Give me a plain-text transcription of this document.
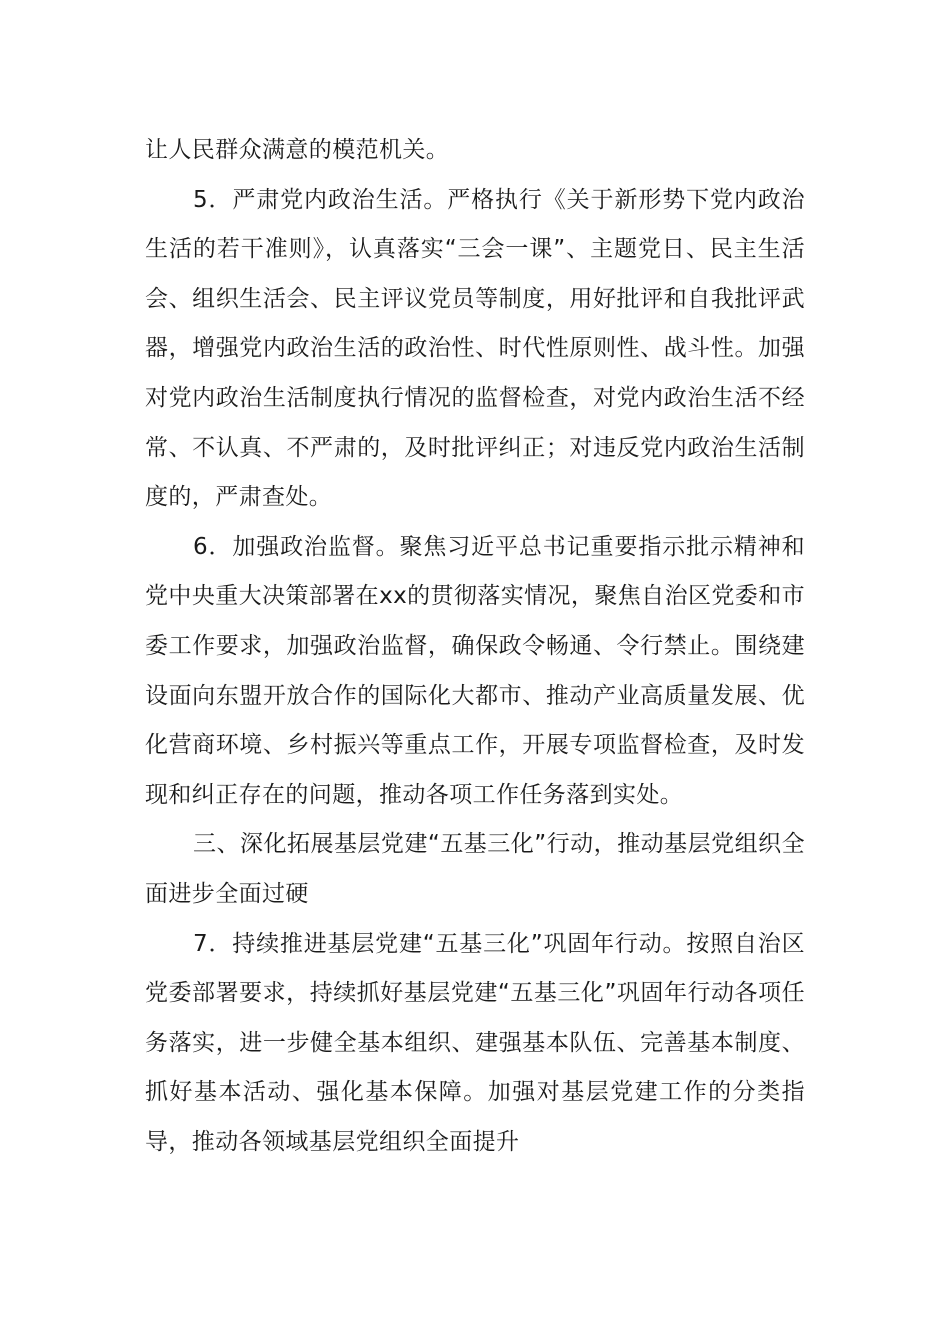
让人民群众满意的模范机关。

5．严肃党内政治生活。严格执行《关于新形势下党内政治生活的若干准则》，认真落实“三会一课”、主题党日、民主生活会、组织生活会、民主评议党员等制度，用好批评和自我批评武器，增强党内政治生活的政治性、时代性原则性、战斗性。加强对党内政治生活制度执行情况的监督检查，对党内政治生活不经常、不认真、不严肃的，及时批评纠正；对违反党内政治生活制度的，严肃查处。

6．加强政治监督。聚焦习近平总书记重要指示批示精神和党中央重大决策部署在xx的贯彻落实情况，聚焦自治区党委和市委工作要求，加强政治监督，确保政令畅通、令行禁止。围绕建设面向东盟开放合作的国际化大都市、推动产业高质量发展、优化营商环境、乡村振兴等重点工作，开展专项监督检查，及时发现和纠正存在的问题，推动各项工作任务落到实处。

三、深化拓展基层党建“五基三化”行动，推动基层党组织全面进步全面过硬

7．持续推进基层党建“五基三化”巩固年行动。按照自治区党委部署要求，持续抓好基层党建“五基三化”巩固年行动各项任务落实，进一步健全基本组织、建强基本队伍、完善基本制度、抓好基本活动、强化基本保障。加强对基层党建工作的分类指导，推动各领域基层党组织全面提升
